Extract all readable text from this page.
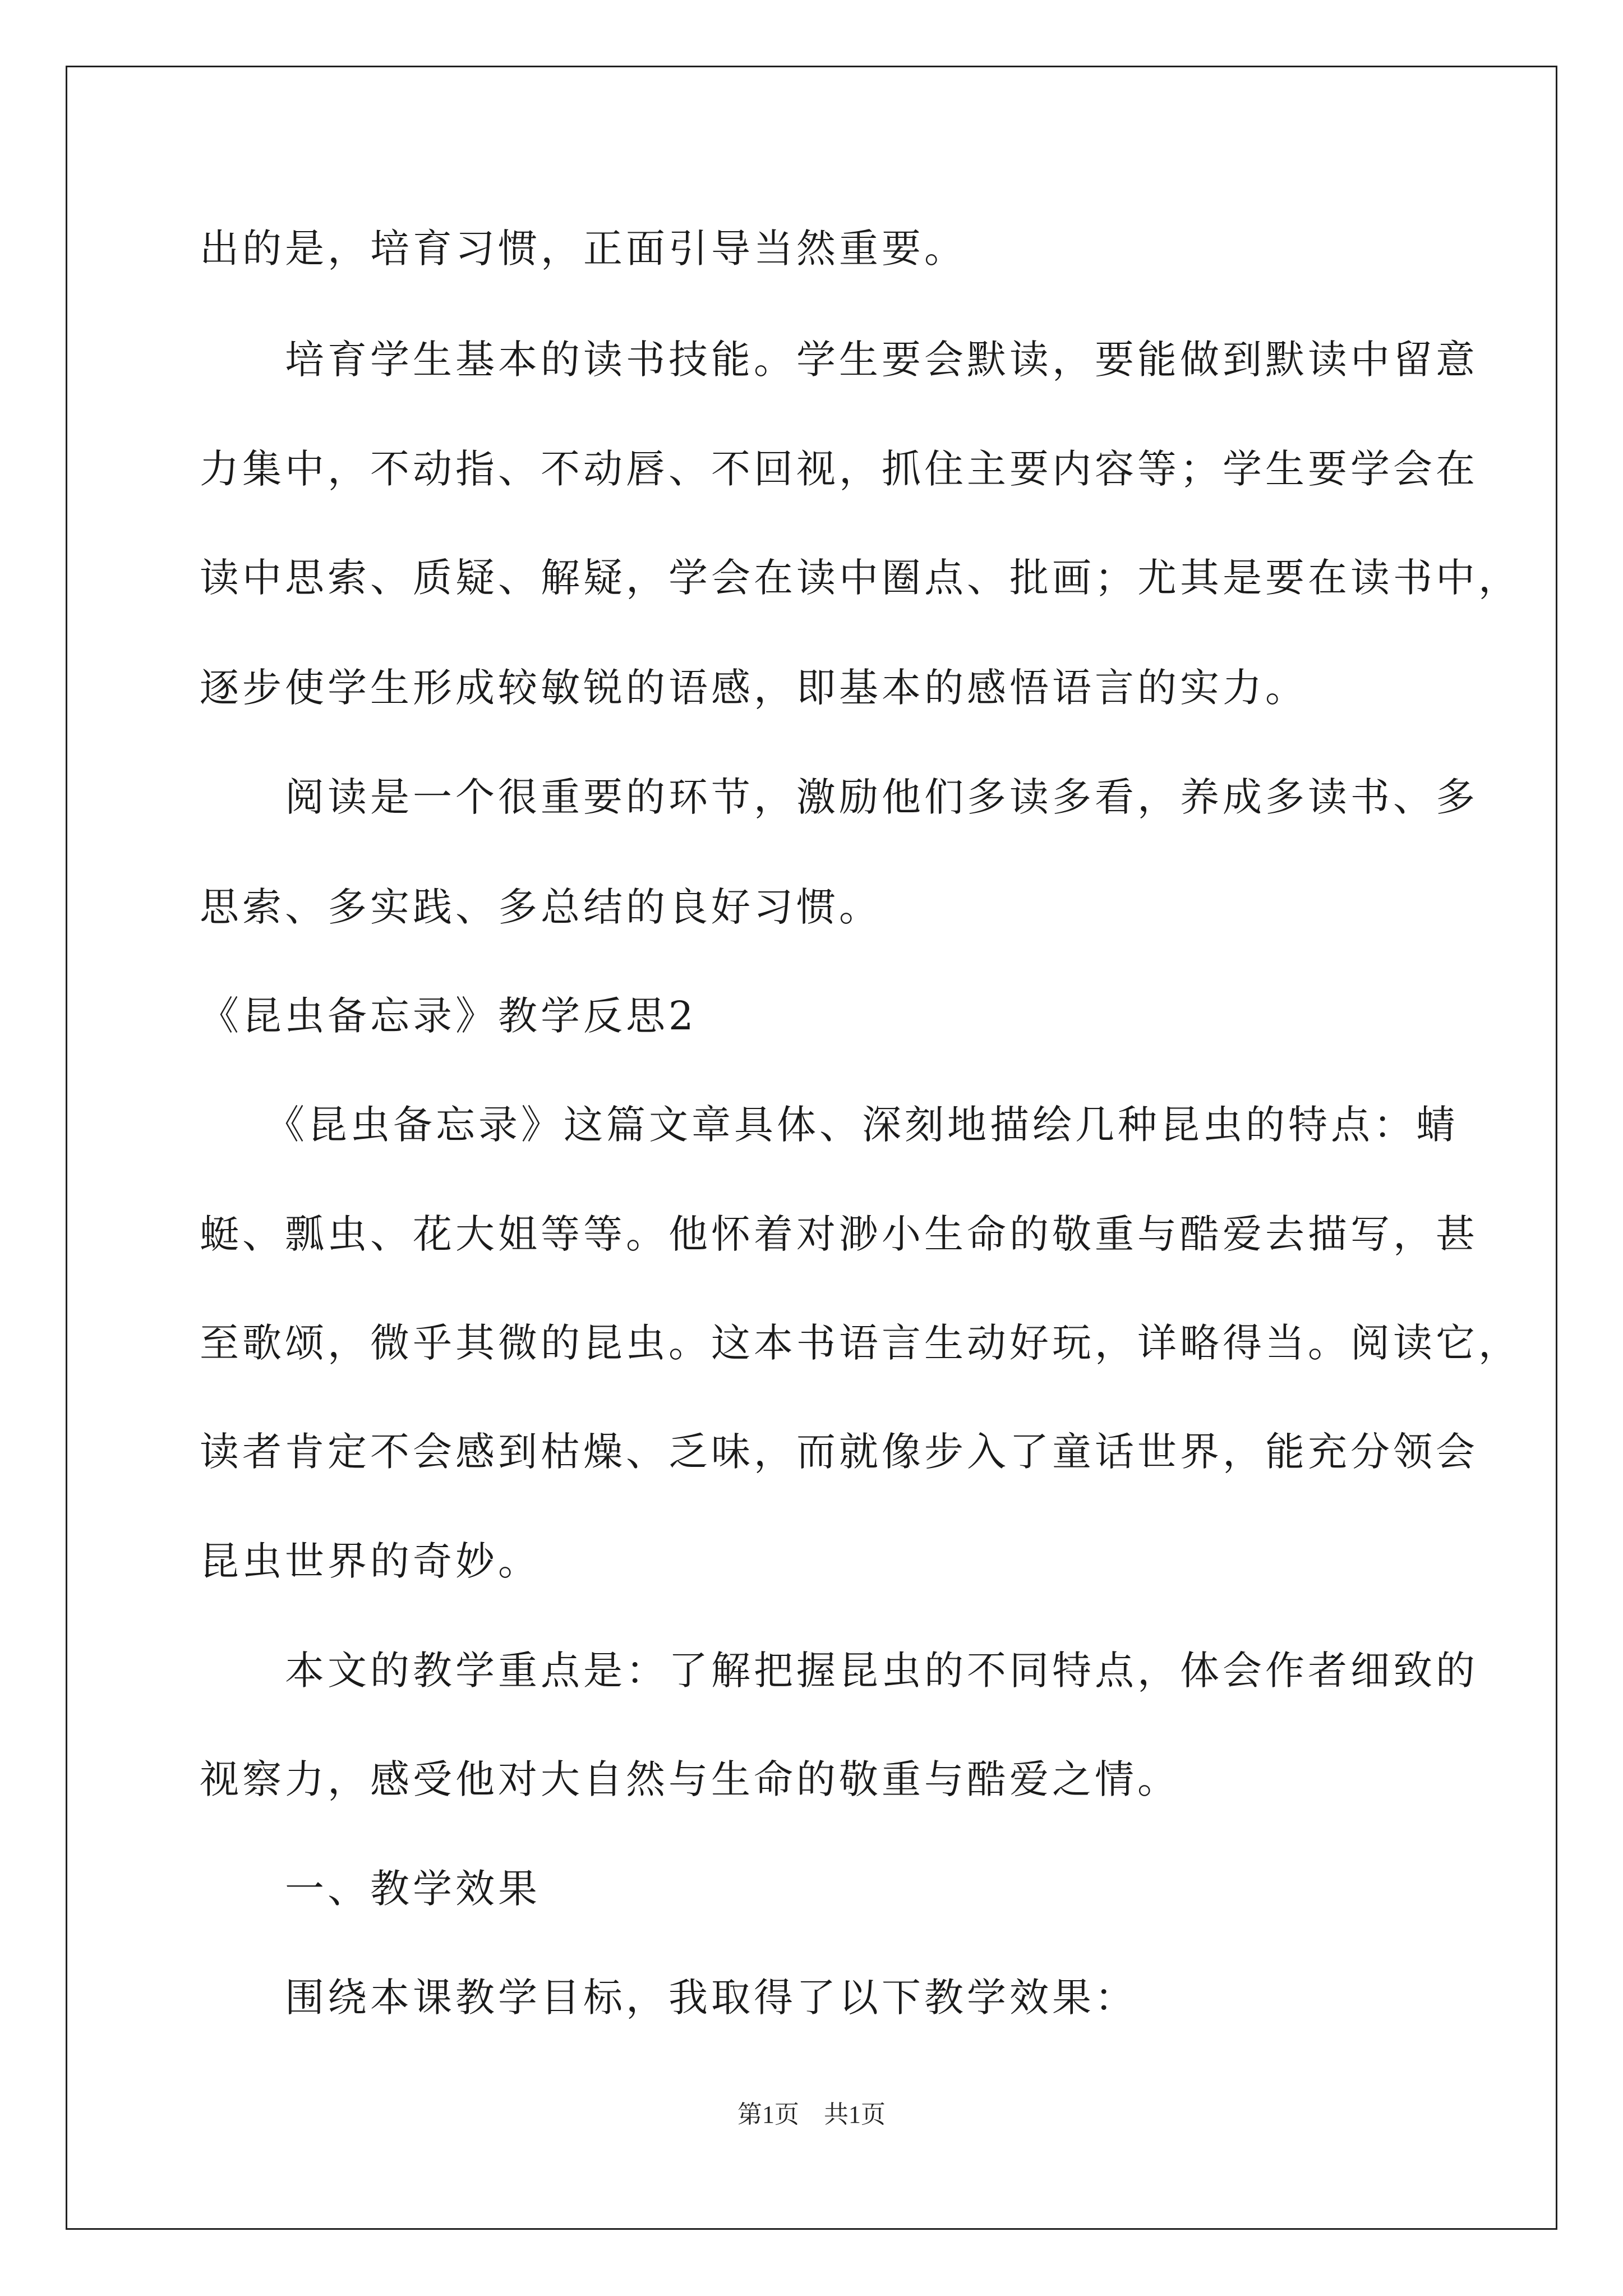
出的是，培育习惯，正面引导当然重要。
　　培育学生基本的读书技能。学生要会默读，要能做到默读中留意
力集中，不动指、不动唇、不回视，抓住主要内容等；学生要学会在
读中思索、质疑、解疑，学会在读中圈点、批画；尤其是要在读书中，
逐步使学生形成较敏锐的语感，即基本的感悟语言的实力。
　　阅读是一个很重要的环节，激励他们多读多看，养成多读书、多
思索、多实践、多总结的良好习惯。
《昆虫备忘录》教学反思2
　　《昆虫备忘录》这篇文章具体、深刻地描绘几种昆虫的特点：蜻
蜓、瓢虫、花大姐等等。他怀着对渺小生命的敬重与酷爱去描写，甚
至歌颂，微乎其微的昆虫。这本书语言生动好玩，详略得当。阅读它，
读者肯定不会感到枯燥、乏味，而就像步入了童话世界，能充分领会
昆虫世界的奇妙。
　　本文的教学重点是：了解把握昆虫的不同特点，体会作者细致的
视察力，感受他对大自然与生命的敬重与酷爱之情。
　　一、教学效果
　　围绕本课教学目标，我取得了以下教学效果：
第1页　共1页
